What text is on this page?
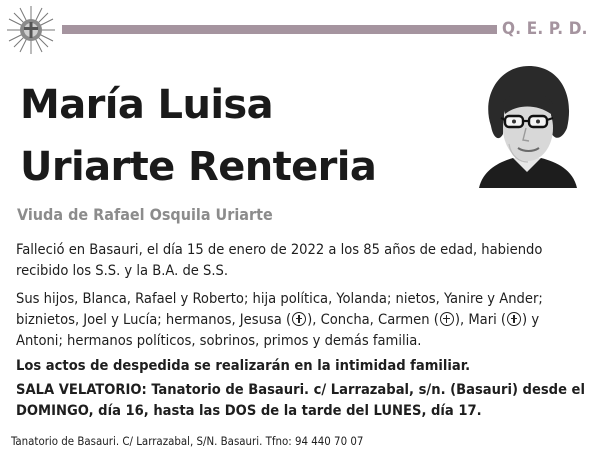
Q. E. P. D.
María Luisa
Uriarte Renteria
Viuda de Rafael Osquila Uriarte
Falleció en Basauri, el día 15 de enero de 2022 a los 85 años de edad, habiendo recibido los S.S. y la B.A. de S.S.
Sus hijos, Blanca, Rafael y Roberto; hija política, Yolanda; nietos, Yanire y Ander; biznietos, Joel y Lucía; hermanos, Jesusa ( ), Concha, Carmen ( ), Mari ( ) y Antoni; hermanos políticos, sobrinos, primos y demás familia.
Los actos de despedida se realizarán en la intimidad familiar.
SALA VELATORIO: Tanatorio de Basauri. c/ Larrazabal, s/n. (Basauri) desde el DOMINGO, día 16, hasta las DOS de la tarde del LUNES, día 17.
Tanatorio de Basauri. C/ Larrazabal, S/N. Basauri. Tfno: 94 440 70 07
